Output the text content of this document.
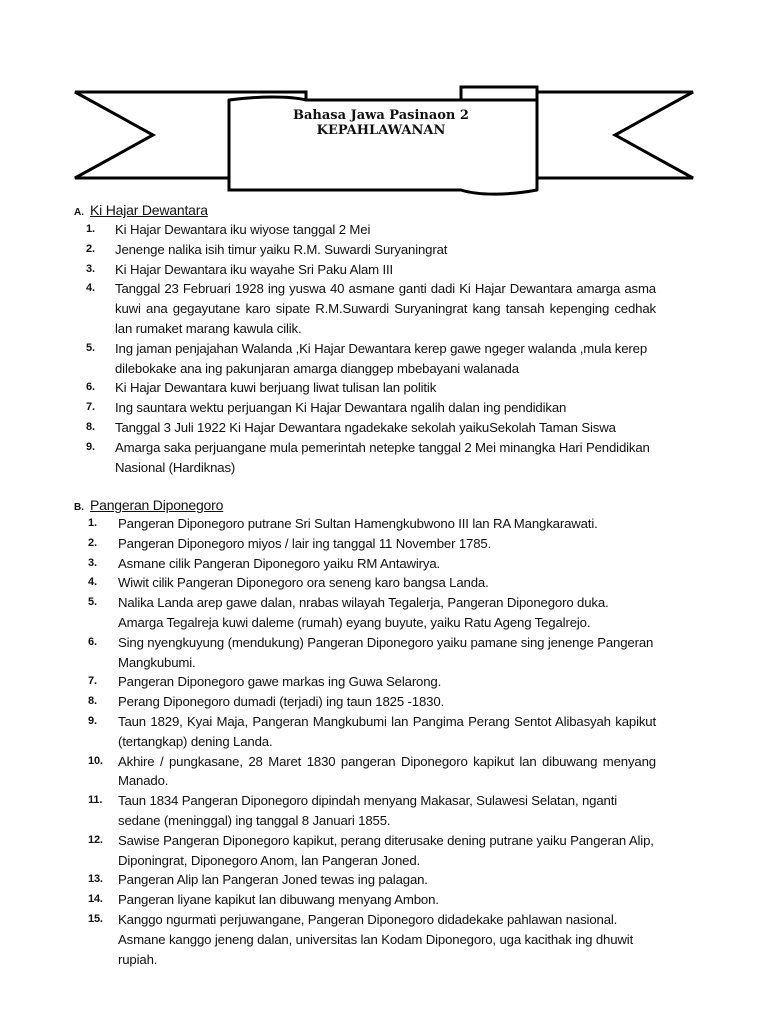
Bahasa Jawa Pasinaon 2 KEPAHLAWANAN
A. Ki Hajar Dewantara
1.	Ki Hajar Dewantara iku wiyose tanggal 2 Mei
2.	Jenenge nalika isih timur yaiku R.M. Suwardi Suryaningrat
3.	Ki Hajar Dewantara iku wayahe Sri Paku Alam III
4.	Tanggal 23 Februari 1928 ing yuswa 40 asmane ganti dadi Ki Hajar Dewantara amarga asma kuwi ana gegayutane karo sipate R.M.Suwardi Suryaningrat kang tansah kepenging cedhak lan rumaket marang kawula cilik.
5.	Ing jaman penjajahan Walanda ,Ki Hajar Dewantara kerep gawe ngeger walanda ,mula kerep dilebokake ana ing pakunjaran amarga dianggep mbebayani walanada
6.	Ki Hajar Dewantara kuwi berjuang liwat tulisan lan politik
7.	Ing sauntara wektu perjuangan Ki Hajar Dewantara ngalih dalan ing pendidikan
8.	Tanggal 3 Juli 1922 Ki Hajar Dewantara ngadekake sekolah yaikuSekolah Taman Siswa
9.	Amarga saka perjuangane mula pemerintah netepke tanggal 2 Mei minangka Hari Pendidikan Nasional (Hardiknas)
B. Pangeran Diponegoro
1.	Pangeran Diponegoro putrane Sri Sultan Hamengkubwono III lan RA Mangkarawati.
2.	Pangeran Diponegoro miyos / lair ing tanggal 11 November 1785.
3.	Asmane cilik Pangeran Diponegoro yaiku RM Antawirya.
4.	Wiwit cilik Pangeran Diponegoro ora seneng karo bangsa Landa.
5.	Nalika Landa arep gawe dalan, nrabas wilayah Tegalerja, Pangeran Diponegoro duka. Amarga Tegalreja kuwi daleme (rumah) eyang buyute, yaiku Ratu Ageng Tegalrejo.
6.	Sing nyengkuyung (mendukung) Pangeran Diponegoro yaiku pamane sing jenenge Pangeran Mangkubumi.
7.	Pangeran Diponegoro gawe markas ing Guwa Selarong.
8.	Perang Diponegoro dumadi (terjadi) ing taun 1825 -1830.
9.	Taun 1829, Kyai Maja, Pangeran Mangkubumi lan Pangima Perang Sentot Alibasyah kapikut (tertangkap) dening Landa.
10.	Akhire / pungkasane, 28 Maret 1830 pangeran Diponegoro kapikut lan dibuwang menyang Manado.
11.	Taun 1834 Pangeran Diponegoro dipindah menyang Makasar, Sulawesi Selatan, nganti sedane (meninggal) ing tanggal 8 Januari 1855.
12.	Sawise Pangeran Diponegoro kapikut, perang diterusake dening putrane yaiku Pangeran Alip, Diponingrat, Diponegoro Anom, lan Pangeran Joned.
13.	Pangeran Alip lan Pangeran Joned tewas ing palagan.
14.	Pangeran liyane kapikut lan dibuwang menyang Ambon.
15.	Kanggo ngurmati perjuwangane, Pangeran Diponegoro didadekake pahlawan nasional. Asmane kanggo jeneng dalan, universitas lan Kodam Diponegoro, uga kacithak ing dhuwit rupiah.
